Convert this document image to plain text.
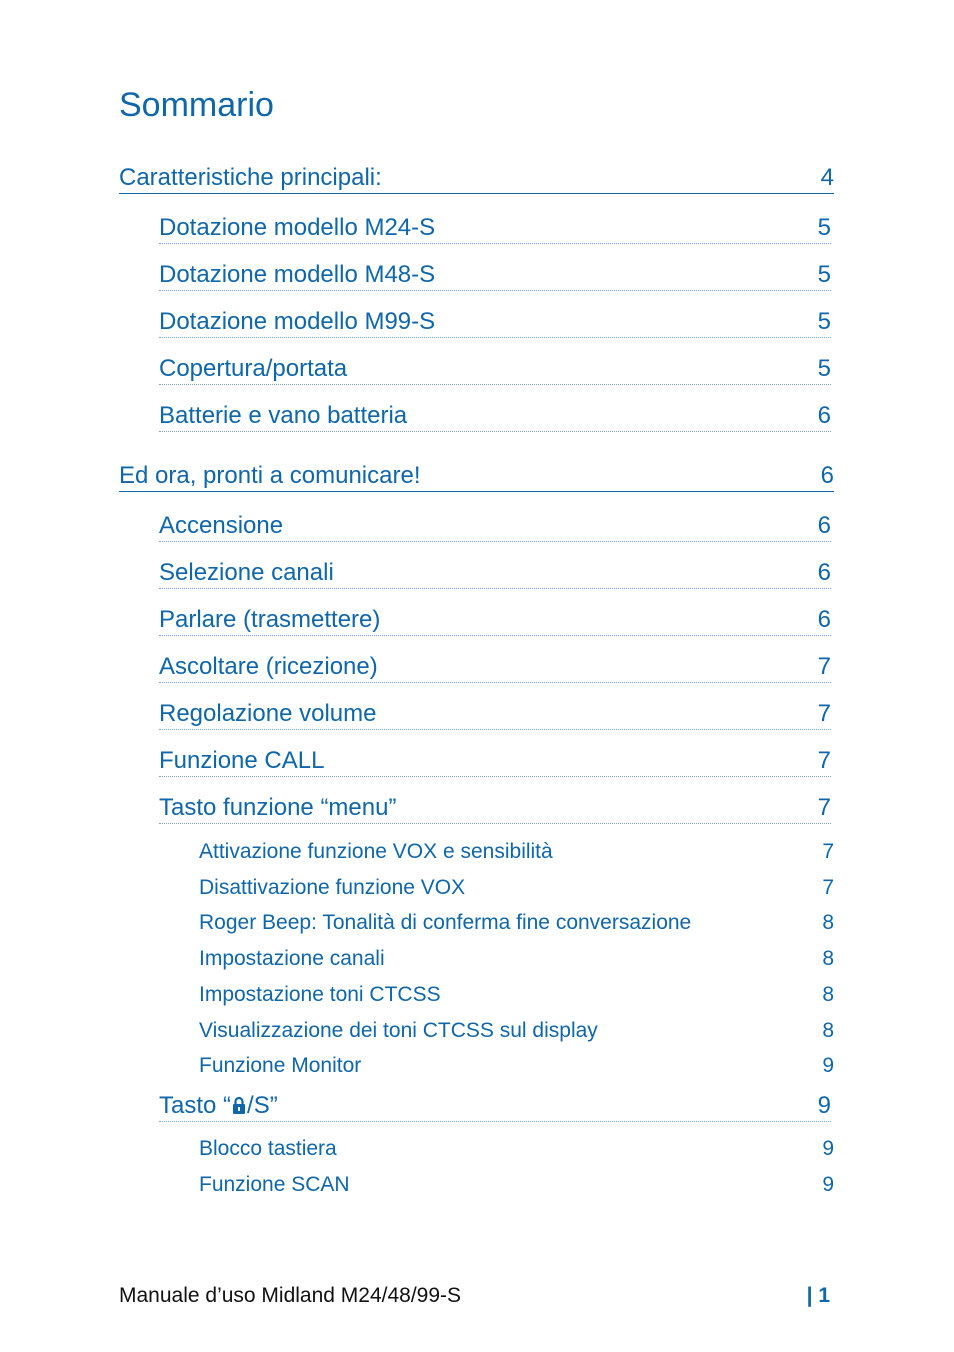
Sommario
Caratteristiche principali:	4
Dotazione modello M24-S	5
Dotazione modello M48-S	5
Dotazione modello M99-S	5
Copertura/portata	5
Batterie e vano batteria	6
Ed ora, pronti a comunicare!	6
Accensione	6
Selezione canali	6
Parlare (trasmettere)	6
Ascoltare (ricezione)	7
Regolazione volume	7
Funzione CALL	7
Tasto funzione “menu”	7
Attivazione funzione VOX e sensibilità	7
Disattivazione funzione VOX	7
Roger Beep: Tonalità di conferma fine conversazione	8
Impostazione canali	8
Impostazione toni CTCSS	8
Visualizzazione dei toni CTCSS sul display	8
Funzione Monitor	9
Tasto “ /S”	9
Blocco tastiera	9
Funzione SCAN	9
Manuale d’uso Midland M24/48/99-S	| 1
